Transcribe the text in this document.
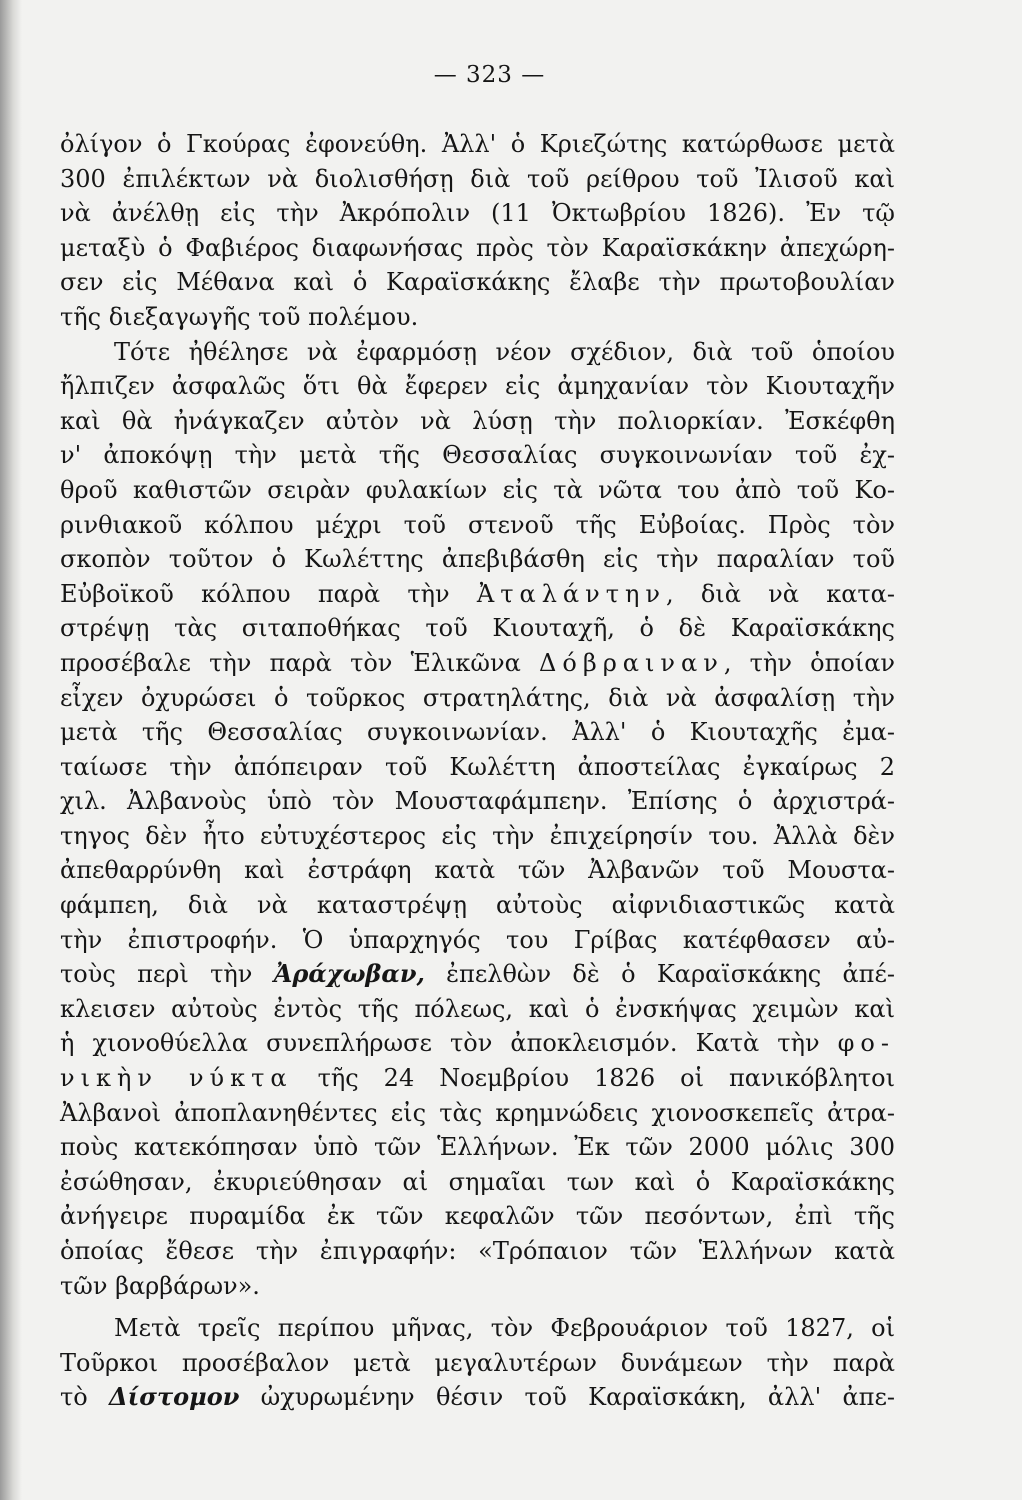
— 323 —
ὀλίγον ὁ Γκούρας ἐφονεύθη. Ἀλλ' ὁ Κριεζώτης κατώρθωσε μετὰ
300 ἐπιλέκτων νὰ διολισθήσῃ διὰ τοῦ ρείθρου τοῦ Ἰλισοῦ καὶ
νὰ ἀνέλθῃ εἰς τὴν Ἀκρόπολιν (11 Ὀκτωβρίου 1826). Ἐν τῷ
μεταξὺ ὁ Φαβιέρος διαφωνήσας πρὸς τὸν Καραϊσκάκην ἀπεχώρη-
σεν εἰς Μέθανα καὶ ὁ Καραϊσκάκης ἔλαβε τὴν πρωτοβουλίαν
τῆς διεξαγωγῆς τοῦ πολέμου.
Τότε ἠθέλησε νὰ ἐφαρμόσῃ νέον σχέδιον, διὰ τοῦ ὁποίου
ἤλπιζεν ἀσφαλῶς ὅτι θὰ ἔφερεν εἰς ἀμηχανίαν τὸν Κιουταχῆν
καὶ θὰ ἠνάγκαζεν αὐτὸν νὰ λύσῃ τὴν πολιορκίαν. Ἐσκέφθη
ν' ἀποκόψῃ τὴν μετὰ τῆς Θεσσαλίας συγκοινωνίαν τοῦ ἐχ-
θροῦ καθιστῶν σειρὰν φυλακίων εἰς τὰ νῶτα του ἀπὸ τοῦ Κο-
ρινθιακοῦ κόλπου μέχρι τοῦ στενοῦ τῆς Εὐβοίας. Πρὸς τὸν
σκοπὸν τοῦτον ὁ Κωλέττης ἀπεβιβάσθη εἰς τὴν παραλίαν τοῦ
Εὐβοϊκοῦ κόλπου παρὰ τὴν Ἀταλάντην, διὰ νὰ κατα-
στρέψῃ τὰς σιταποθήκας τοῦ Κιουταχῆ, ὁ δὲ Καραϊσκάκης
προσέβαλε τὴν παρὰ τὸν Ἑλικῶνα Δόβραιναν, τὴν ὁποίαν
εἶχεν ὀχυρώσει ὁ τοῦρκος στρατηλάτης, διὰ νὰ ἀσφαλίσῃ τὴν
μετὰ τῆς Θεσσαλίας συγκοινωνίαν. Ἀλλ' ὁ Κιουταχῆς ἐμα-
ταίωσε τὴν ἀπόπειραν τοῦ Κωλέττη ἀποστείλας ἐγκαίρως 2
χιλ. Ἀλβανοὺς ὑπὸ τὸν Μουσταφάμπεην. Ἐπίσης ὁ ἀρχιστρά-
τηγος δὲν ἦτο εὐτυχέστερος εἰς τὴν ἐπιχείρησίν του. Ἀλλὰ δὲν
ἀπεθαρρύνθη καὶ ἐστράφη κατὰ τῶν Ἀλβανῶν τοῦ Μουστα-
φάμπεη, διὰ νὰ καταστρέψῃ αὐτοὺς αἰφνιδιαστικῶς κατὰ
τὴν ἐπιστροφήν. Ὁ ὑπαρχηγός του Γρίβας κατέφθασεν αὐ-
τοὺς περὶ τὴν Ἀράχωβαν, ἐπελθὼν δὲ ὁ Καραϊσκάκης ἀπέ-
κλεισεν αὐτοὺς ἐντὸς τῆς πόλεως, καὶ ὁ ἐνσκήψας χειμὼν καὶ
ἡ χιονοθύελλα συνεπλήρωσε τὸν ἀποκλεισμόν. Κατὰ τὴν φο-
νικὴν νύκτα τῆς 24 Νοεμβρίου 1826 οἱ πανικόβλητοι
Ἀλβανοὶ ἀποπλανηθέντες εἰς τὰς κρημνώδεις χιονοσκεπεῖς ἀτρα-
ποὺς κατεκόπησαν ὑπὸ τῶν Ἑλλήνων. Ἐκ τῶν 2000 μόλις 300
ἐσώθησαν, ἐκυριεύθησαν αἱ σημαῖαι των καὶ ὁ Καραϊσκάκης
ἀνήγειρε πυραμίδα ἐκ τῶν κεφαλῶν τῶν πεσόντων, ἐπὶ τῆς
ὁποίας ἔθεσε τὴν ἐπιγραφήν: «Τρόπαιον τῶν Ἑλλήνων κατὰ
τῶν βαρβάρων».
Μετὰ τρεῖς περίπου μῆνας, τὸν Φεβρουάριον τοῦ 1827, οἱ
Τοῦρκοι προσέβαλον μετὰ μεγαλυτέρων δυνάμεων τὴν παρὰ
τὸ Δίστομον ὠχυρωμένην θέσιν τοῦ Καραϊσκάκη, ἀλλ' ἀπε-
